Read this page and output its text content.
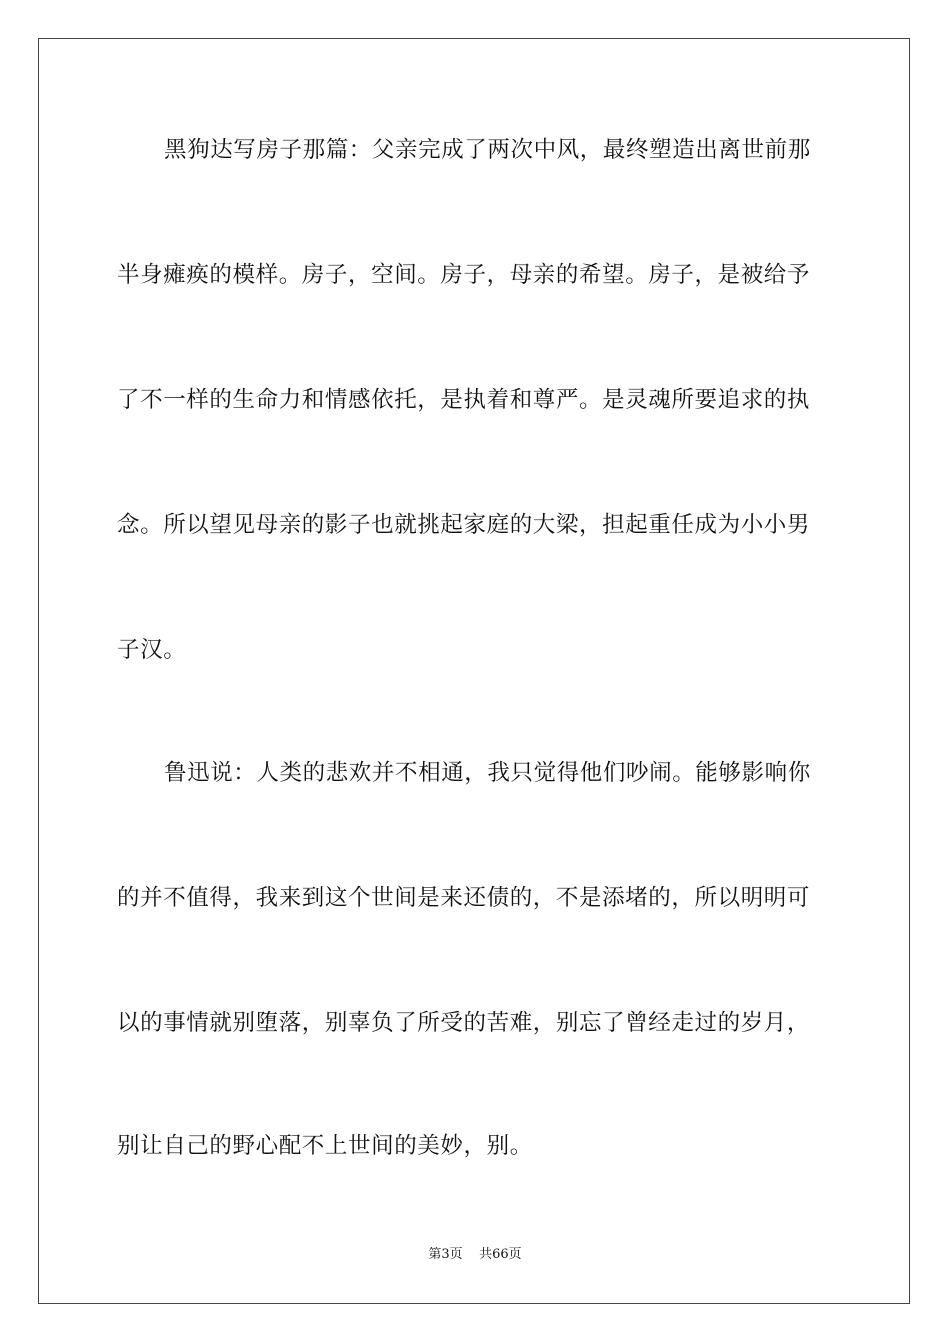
黑狗达写房子那篇：父亲完成了两次中风，最终塑造出离世前那
半身瘫痪的模样。房子，空间。房子，母亲的希望。房子，是被给予
了不一样的生命力和情感依托，是执着和尊严。是灵魂所要追求的执
念。所以望见母亲的影子也就挑起家庭的大梁，担起重任成为小小男
子汉。
鲁迅说：人类的悲欢并不相通，我只觉得他们吵闹。能够影响你
的并不值得，我来到这个世间是来还债的，不是添堵的，所以明明可
以的事情就别堕落，别辜负了所受的苦难，别忘了曾经走过的岁月，
别让自己的野心配不上世间的美妙，别。
第3页 共66页
